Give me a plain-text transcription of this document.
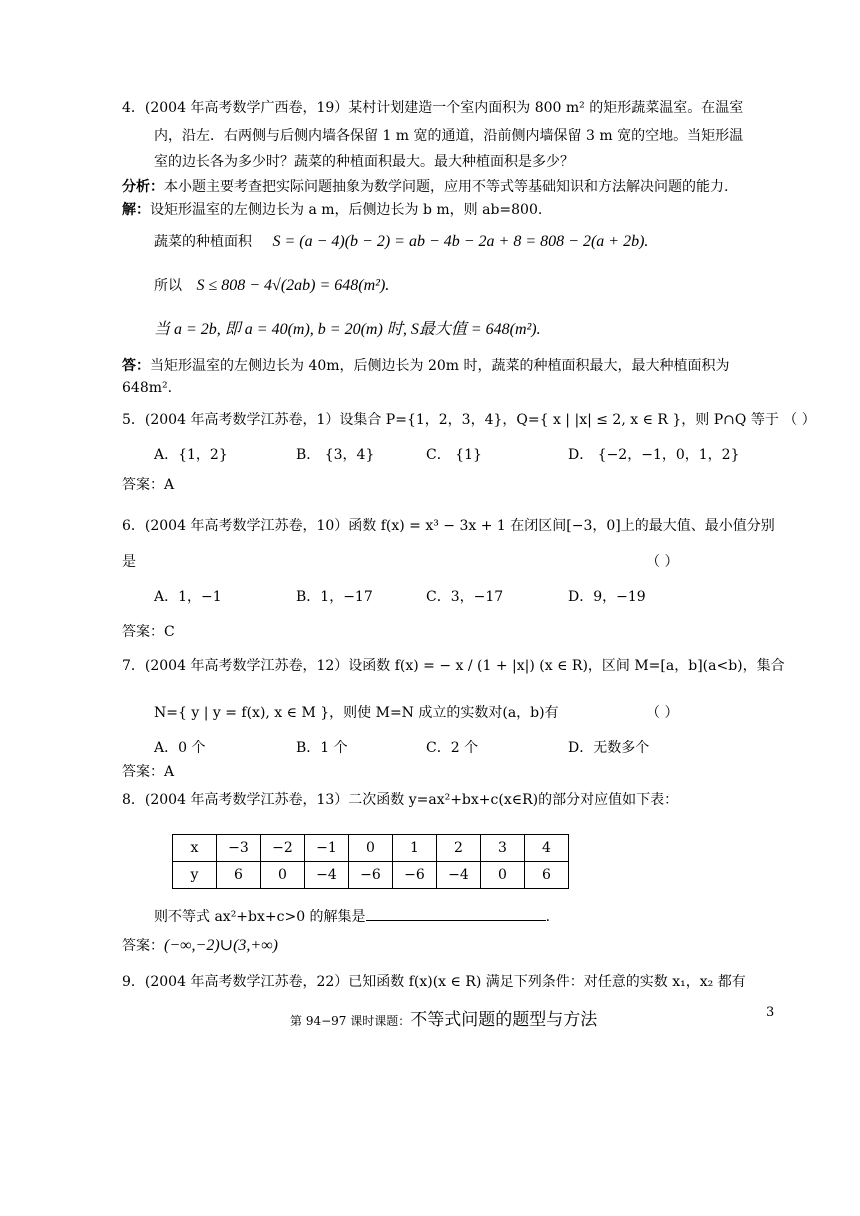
4．(2004 年高考数学广西卷，19）某村计划建造一个室内面积为 800 m² 的矩形蔬菜温室。在温室
内，沿左．右两侧与后侧内墙各保留 1 m 宽的通道，沿前侧内墙保留 3 m 宽的空地。当矩形温
室的边长各为多少时？蔬菜的种植面积最大。最大种植面积是多少？
分析：本小题主要考查把实际问题抽象为数学问题，应用不等式等基础知识和方法解决问题的能力.
解：设矩形温室的左侧边长为 a m，后侧边长为 b m，则 ab=800.
蔬菜的种植面积 S = (a − 4)(b − 2) = ab − 4b − 2a + 8 = 808 − 2(a + 2b).
所以 S ≤ 808 − 4√(2ab) = 648(m²).
当 a = 2b, 即 a = 40(m), b = 20(m) 时, S最大值 = 648(m²).
答：当矩形温室的左侧边长为 40m，后侧边长为 20m 时，蔬菜的种植面积最大，最大种植面积为
648m².
5．(2004 年高考数学江苏卷，1）设集合 P={1，2，3，4}，Q={ x | |x| ≤ 2, x ∈ R }，则 P∩Q 等于 （ ）
A．{1，2}	B． {3，4}	C． {1}	D． {−2，−1，0，1，2}
答案：A
6．(2004 年高考数学江苏卷，10）函数 f(x) = x³ − 3x + 1 在闭区间[−3，0]上的最大值、最小值分别
是	（ ）
A．1，−1	B．1，−17	C．3，−17	D．9，−19
答案：C
7．(2004 年高考数学江苏卷，12）设函数 f(x) = − x / (1 + |x|) (x ∈ R)，区间 M=[a，b](a<b)，集合
N={ y | y = f(x), x ∈ M }，则使 M=N 成立的实数对(a，b)有	（ ）
A．0 个	B．1 个	C．2 个	D．无数多个
答案：A
8．(2004 年高考数学江苏卷，13）二次函数 y=ax²+bx+c(x∈R)的部分对应值如下表：
x	−3	−2	−1	0	1	2	3	4
y	6	0	−4	−6	−6	−4	0	6
则不等式 ax²+bx+c>0 的解集是	.
答案：(−∞,−2)∪(3,+∞)
9．(2004 年高考数学江苏卷，22）已知函数 f(x)(x ∈ R) 满足下列条件：对任意的实数 x₁，x₂ 都有
第 94−97 课时课题：不等式问题的题型与方法	3
